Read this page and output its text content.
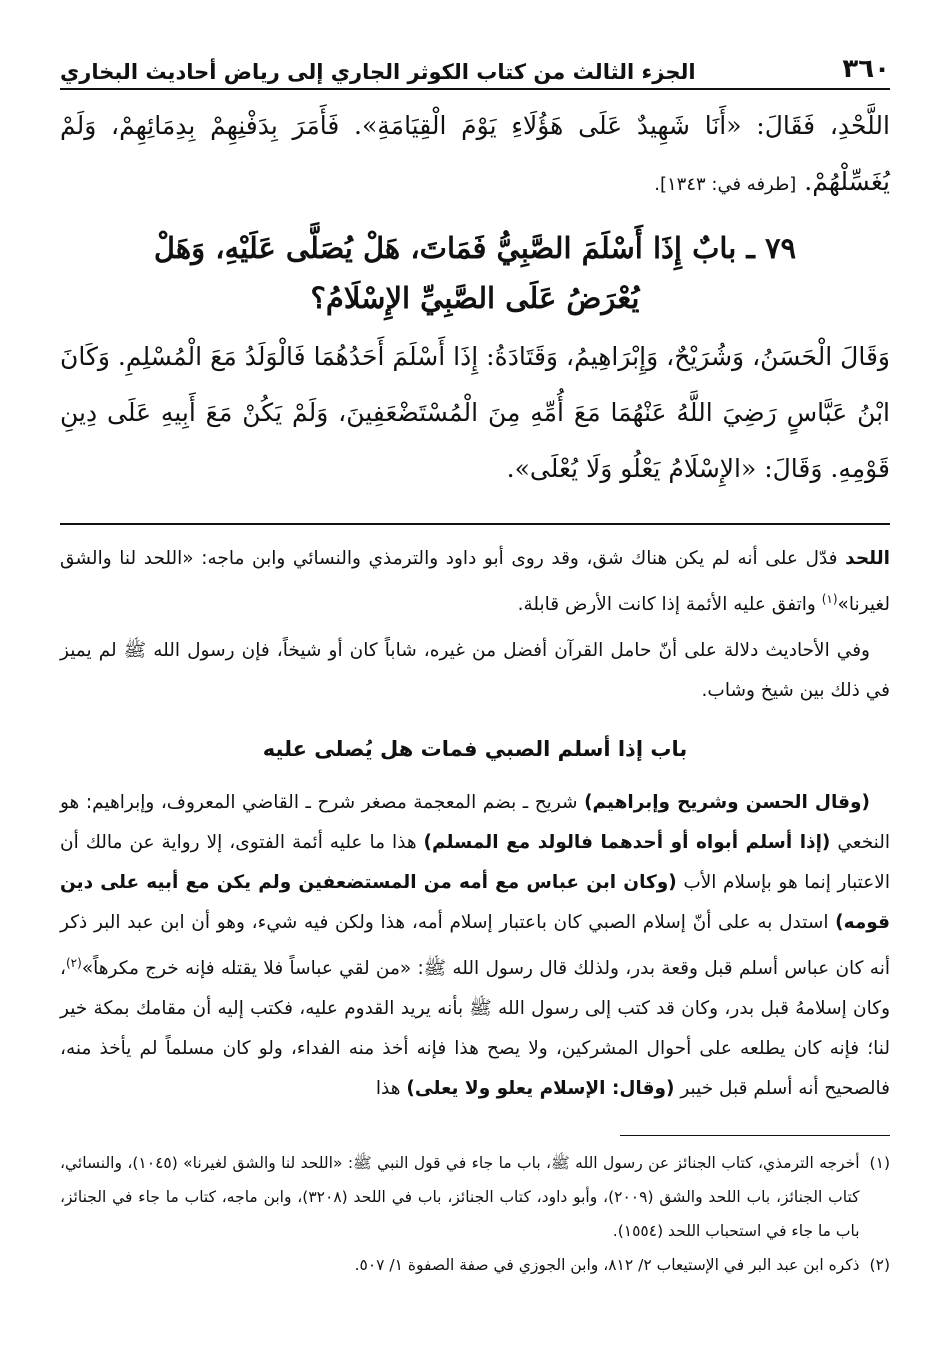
٣٦٠
الجزء الثالث من كتاب الكوثر الجاري إلى رياض أحاديث البخاري

اللَّحْدِ، فَقَالَ: «أَنَا شَهِيدٌ عَلَى هَؤُلَاءِ يَوْمَ الْقِيَامَةِ». فَأَمَرَ بِدَفْنِهِمْ بِدِمَائِهِمْ، وَلَمْ يُغَسِّلْهُمْ. [طرفه في: ١٣٤٣].

٧٩ ـ بابٌ إِذَا أَسْلَمَ الصَّبِيُّ فَمَاتَ، هَلْ يُصَلَّى عَلَيْهِ، وَهَلْ يُعْرَضُ عَلَى الصَّبِيِّ الإِسْلَامُ؟

وَقَالَ الْحَسَنُ، وَشُرَيْحٌ، وَإِبْرَاهِيمُ، وَقَتَادَةُ: إِذَا أَسْلَمَ أَحَدُهُمَا فَالْوَلَدُ مَعَ الْمُسْلِمِ. وَكَانَ ابْنُ عَبَّاسٍ رَضِيَ اللَّهُ عَنْهُمَا مَعَ أُمِّهِ مِنَ الْمُسْتَضْعَفِينَ، وَلَمْ يَكُنْ مَعَ أَبِيهِ عَلَى دِينِ قَوْمِهِ. وَقَالَ: «الإِسْلَامُ يَعْلُو وَلَا يُعْلَى».

اللحد فدّل على أنه لم يكن هناك شق، وقد روى أبو داود والترمذي والنسائي وابن ماجه: «اللحد لنا والشق لغيرنا»$^{(١)}$ واتفق عليه الأئمة إذا كانت الأرض قابلة.

وفي الأحاديث دلالة على أنّ حامل القرآن أفضل من غيره، شاباً كان أو شيخاً، فإن رسول الله ﷺ لم يميز في ذلك بين شيخ وشاب.

باب إذا أسلم الصبي فمات هل يُصلى عليه

(وقال الحسن وشريح وإبراهيم) شريح ـ بضم المعجمة مصغر شرح ـ القاضي المعروف، وإبراهيم: هو النخعي (إذا أسلم أبواه أو أحدهما فالولد مع المسلم) هذا ما عليه أئمة الفتوى، إلا رواية عن مالك أن الاعتبار إنما هو بإسلام الأب (وكان ابن عباس مع أمه من المستضعفين ولم يكن مع أبيه على دين قومه) استدل به على أنّ إسلام الصبي كان باعتبار إسلام أمه، هذا ولكن فيه شيء، وهو أن ابن عبد البر ذكر أنه كان عباس أسلم قبل وقعة بدر، ولذلك قال رسول الله ﷺ: «من لقي عباساً فلا يقتله فإنه خرج مكرهاً»$^{(٢)}$، وكان إسلامهُ قبل بدر، وكان قد كتب إلى رسول الله ﷺ بأنه يريد القدوم عليه، فكتب إليه أن مقامك بمكة خير لنا؛ فإنه كان يطلعه على أحوال المشركين، ولا يصح هذا فإنه أخذ منه الفداء، ولو كان مسلماً لم يأخذ منه، فالصحيح أنه أسلم قبل خيبر (وقال: الإسلام يعلو ولا يعلى) هذا

(١)
أخرجه الترمذي، كتاب الجنائز عن رسول الله ﷺ، باب ما جاء في قول النبي ﷺ: «اللحد لنا والشق لغيرنا» (١٠٤٥)، والنسائي، كتاب الجنائز، باب اللحد والشق (٢٠٠٩)، وأبو داود، كتاب الجنائز، باب في اللحد (٣٢٠٨)، وابن ماجه، كتاب ما جاء في الجنائز، باب ما جاء في استحباب اللحد (١٥٥٤).
(٢)
ذكره ابن عبد البر في الإستيعاب ٢/ ٨١٢، وابن الجوزي في صفة الصفوة ١/ ٥٠٧.
